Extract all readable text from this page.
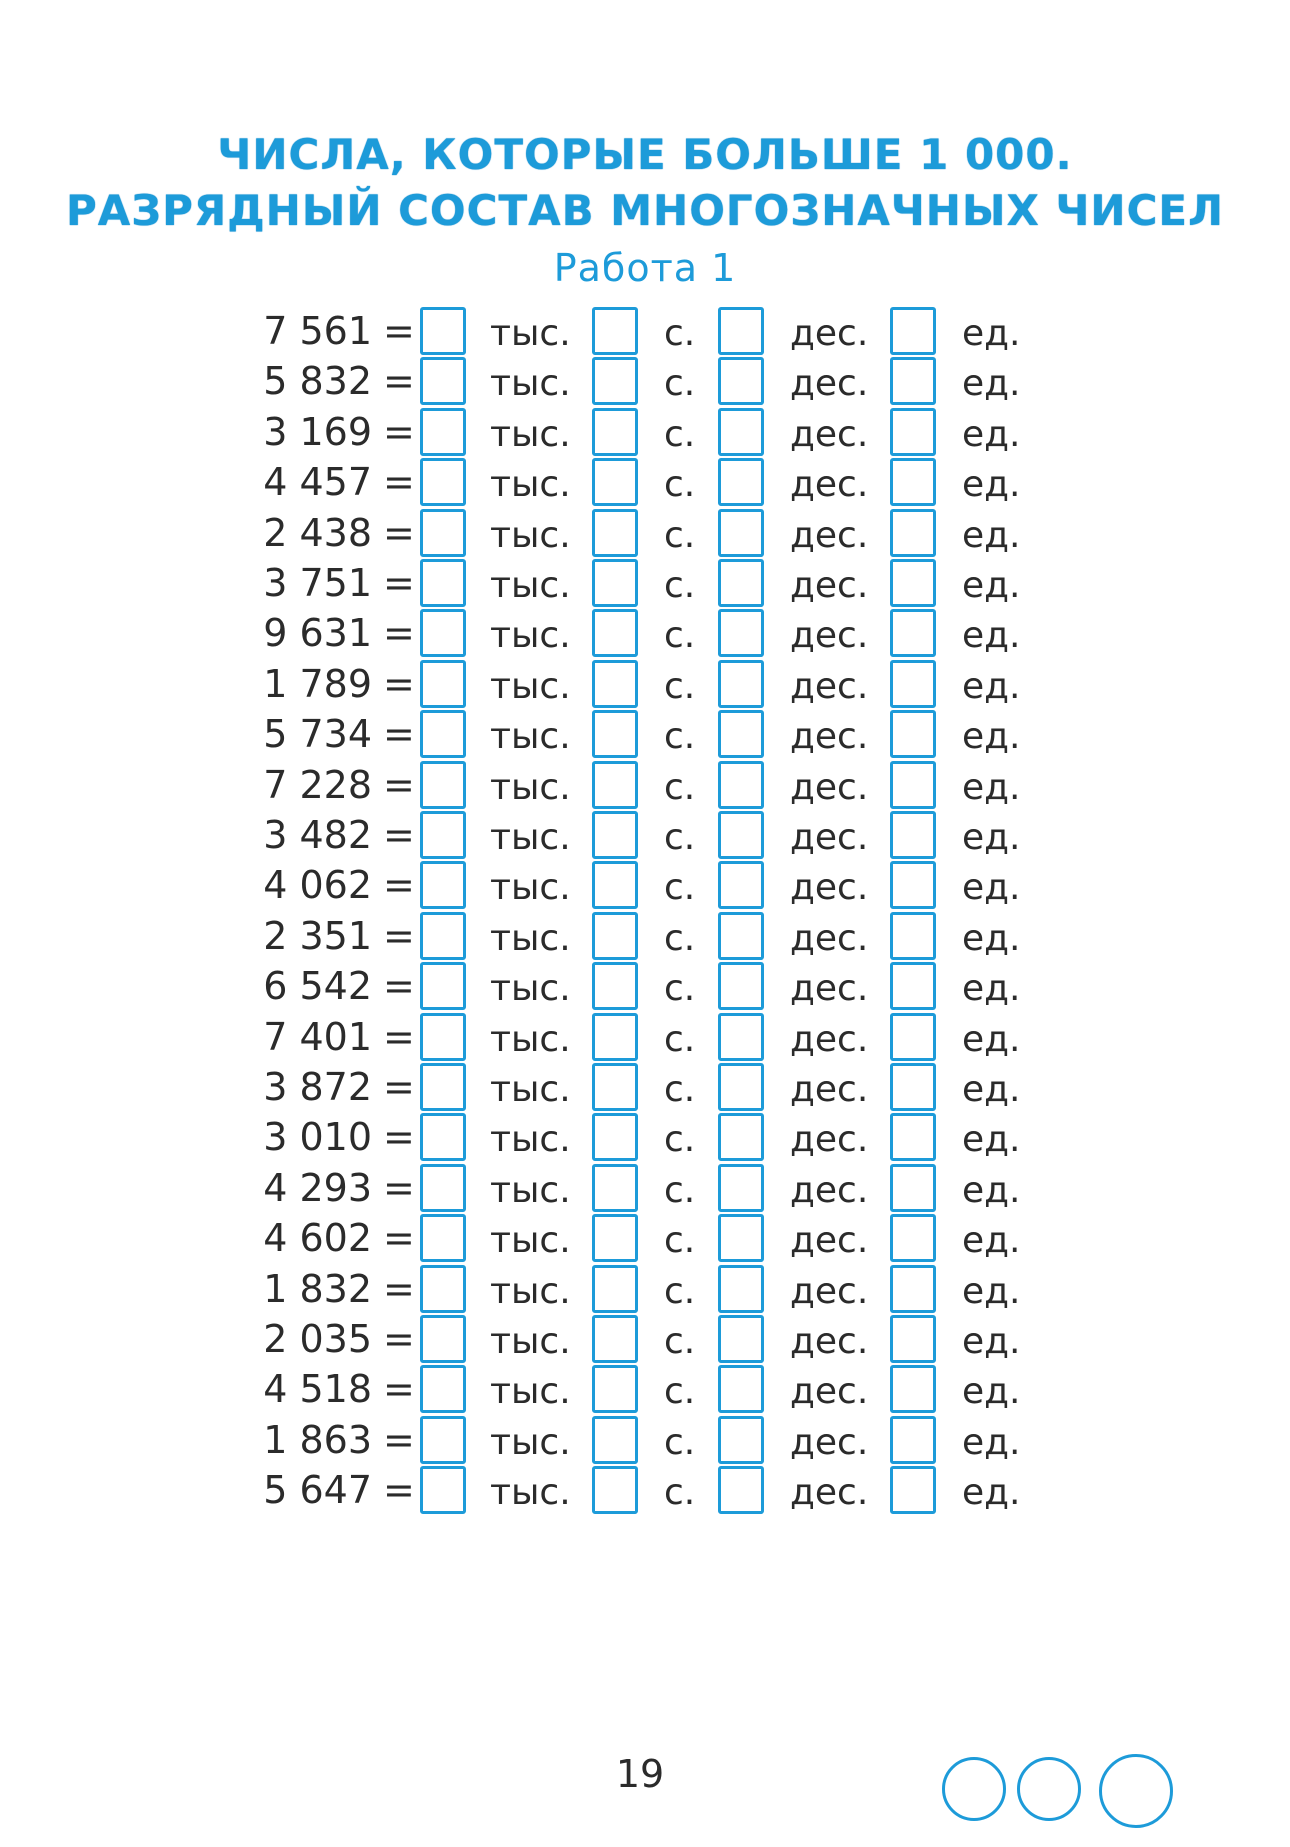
ЧИСЛА, КОТОРЫЕ БОЛЬШЕ 1 000.
РАЗРЯДНЫЙ СОСТАВ МНОГОЗНАЧНЫХ ЧИСЕЛ
Работа 1
7 561 = тыс.	с.	дес.	ед.
5 832 = тыс.	с.	дес.	ед.
3 169 = тыс.	с.	дес.	ед.
4 457 = тыс.	с.	дес.	ед.
2 438 = тыс.	с.	дес.	ед.
3 751 = тыс.	с.	дес.	ед.
9 631 = тыс.	с.	дес.	ед.
1 789 = тыс.	с.	дес.	ед.
5 734 = тыс.	с.	дес.	ед.
7 228 = тыс.	с.	дес.	ед.
3 482 = тыс.	с.	дес.	ед.
4 062 = тыс.	с.	дес.	ед.
2 351 = тыс.	с.	дес.	ед.
6 542 = тыс.	с.	дес.	ед.
7 401 = тыс.	с.	дес.	ед.
3 872 = тыс.	с.	дес.	ед.
3 010 = тыс.	с.	дес.	ед.
4 293 = тыс.	с.	дес.	ед.
4 602 = тыс.	с.	дес.	ед.
1 832 = тыс.	с.	дес.	ед.
2 035 = тыс.	с.	дес.	ед.
4 518 = тыс.	с.	дес.	ед.
1 863 = тыс.	с.	дес.	ед.
5 647 = тыс.	с.	дес.	ед.
19
